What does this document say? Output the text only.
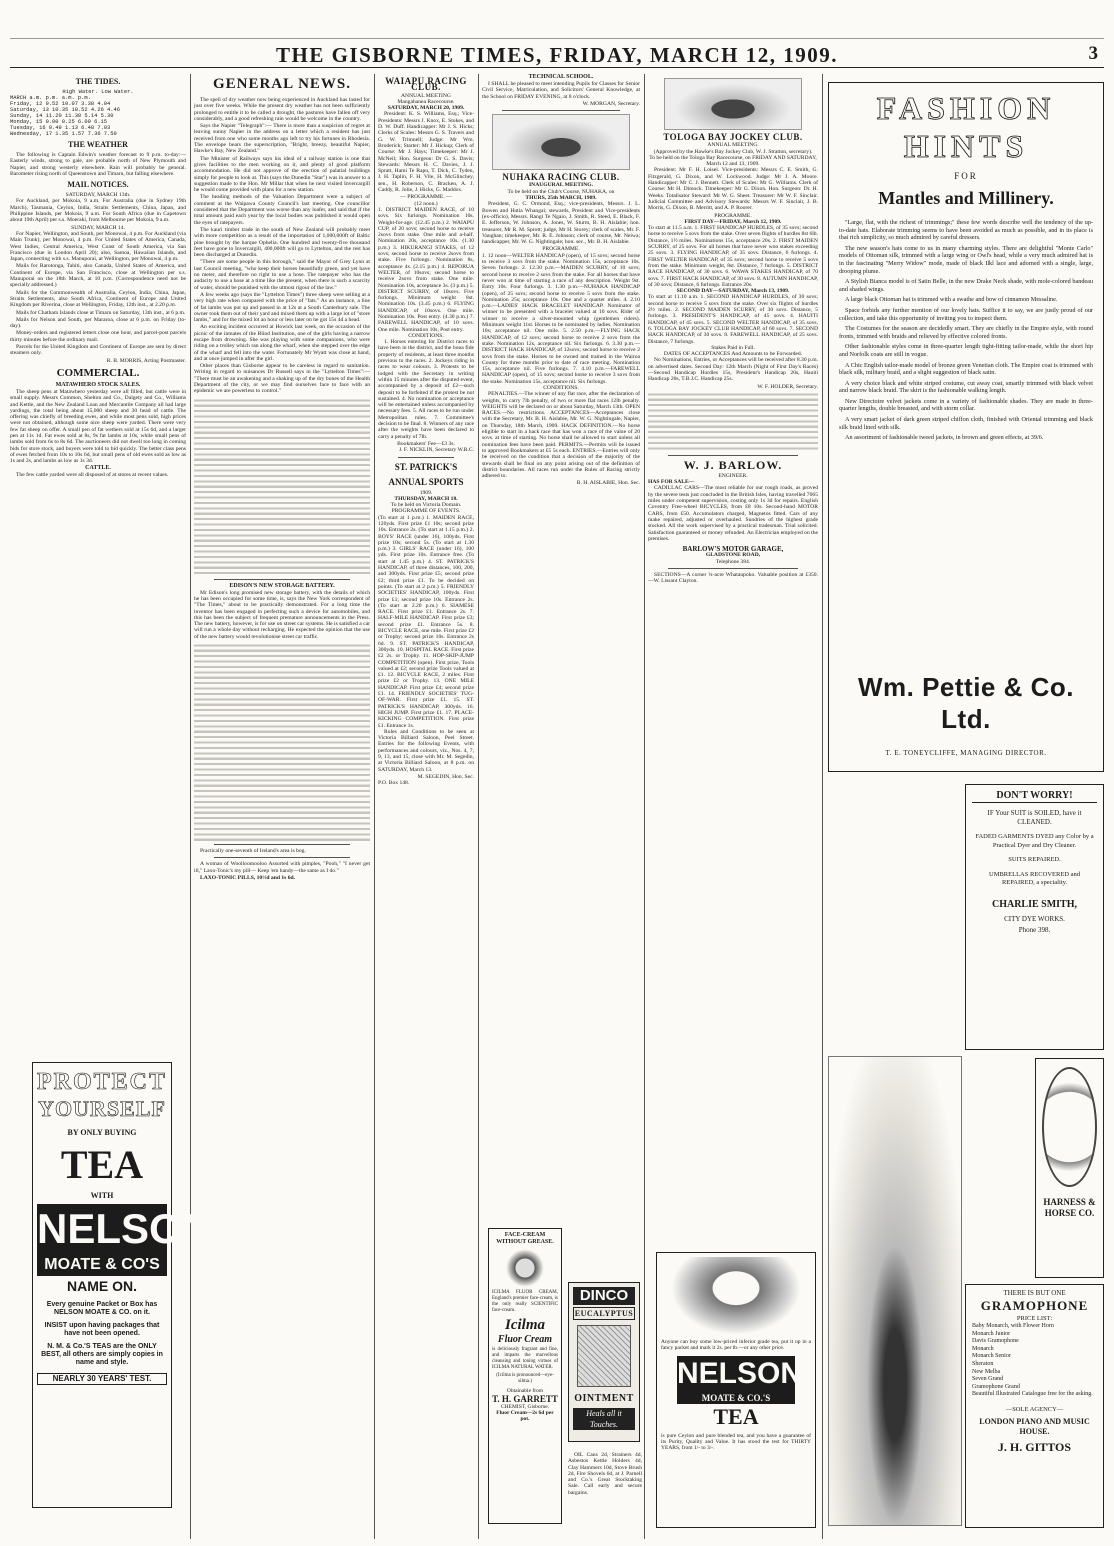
THE GISBORNE TIMES, FRIDAY, MARCH 12, 1909.	3
THE TIDES.
High Water. Low Water.
MARCH a.m. p.m. a.m. p.m.
Friday, 12 9.52 10.07 3.38 4.04
Saturday, 13 10.35 10.52 4.26 4.46
Sunday, 14 11.20 11.30 5.14 5.30
Monday, 15 0.00 0.25 6.00 6.15
Tuesday, 16 0.49 1.13 6.48 7.03
Wednesday, 17 1.35 1.57 7.36 7.50
THE WEATHER
The following is Captain Edwin's weather forecast to 9 p.m. to-day:— Easterly winds, strong to gale, are probable north of New Plymouth and Napier, and strong westerly elsewhere. Rain will probably be general. Barometer rising north of Queenstown and Timaru, but falling elsewhere.
MAIL NOTICES.
SATURDAY, MARCH 13th.
For Auckland, per Mokoia, 9 a.m. For Australia (due in Sydney 19th March), Tasmania, Ceylon, India, Straits Settlements, China, Japan, and Philippine Islands, per Mokoia, 9 a.m. For South Africa (due in Capetown about 19th April) per s.s. Moeraki, from Melbourne per Mokoia, 9 a.m.
SUNDAY, MARCH 14.
For Napier, Wellington, and South, per Monowai, 4 p.m. For Auckland (via Main Trunk), per Monowai, 4 p.m. For United States of America, Canada, West Indies, Central America, West Coast of South America, via San Francisco (due in London April 20); also, Samoa, Hawaiian Islands, and Japan, connecting with s.s. Manuporai, at Wellington, per Monowai, 4 p.m.
Mails for Rarotonga, Tahiti, also Canada, United States of America, and Continent of Europe, via San Francisco, close at Wellington per s.s. Manuporai on the 18th March, at 10 p.m. (Correspondence need not be specially addressed.)
Mails for the Commonwealth of Australia, Ceylon, India, China, Japan, Straits Settlements, also South Africa, Continent of Europe and United Kingdom per Riverina, close at Wellington, Friday, 12th inst., at 2.20 p.m.
Mails for Chatham Islands close at Timaru on Saturday, 13th inst., at 6 p.m.
Mails for Nelson and South, per Mararoa, close at 6 p.m. on Friday (to-day).
Money-orders and registered letters close one hour, and parcel-post parcels thirty minutes before the ordinary mail.
Parcels for the United Kingdom and Continent of Europe are sent by direct steamers only.
R. B. MORRIS, Acting Postmaster.
COMMERCIAL.
MATAWHERO STOCK SALES.
The sheep pens at Matawhero yesterday were all filled, but cattle were in small supply. Messrs Common, Shelton and Co., Dalgety and Co., Williams and Kettle, and the New Zealand Loan and Mercantile Company all had large yardings, the total being about 15,000 sheep and 30 head of cattle. The offering was chiefly of breeding ewes, and while most pens sold, high prices were not obtained, although some nice sheep were yarded. There were very few fat sheep on offer. A small pen of fat wethers sold at 15s 6d, and a larger pen at 11s 1d. Fat ewes sold at 8s, 9s fat lambs at 10s, while small pens of lambs sold from 6s to 8s 6d. The auctioneers did not dwell too long in coming bids for store stock, and buyers were told to bid quickly. The better class pens of ewes fetched from 10s to 10s 6d, but small pens of old ewes sold as low as 1s and 2s, and lambs as low as 1s 3d.
CATTLE.
The few cattle yarded were all disposed of at stores at recent values.
PROTECT
YOURSELF
BY ONLY BUYING
TEA
WITH
NELSON
MOATE & CO'S
NAME ON.
Every genuine Packet or Box has NELSON MOATE & CO. on it.
INSIST upon having packages that have not been opened.
N. M. & Co.'S TEAS are the ONLY BEST, all others are simply copies in name and style.
NEARLY 30 YEARS' TEST.
GENERAL NEWS.
The spell of dry weather now being experienced in Auckland has lasted for just over five weeks. While the present dry weather has not been sufficiently prolonged to entitle it to be called a drought, the pastures have fallen off very considerably, and a good refreshing rain would be welcome in the country.
Says the Napier "Telegraph":— There is more than a suspicion of regret at leaving sunny Napier in the address on a letter which a resident has just received from one who some months ago left to try his fortunes in Rhodesia. The envelope bears the superscription, "Bright, breezy, beautiful Napier, Hawke's Bay, New Zealand."
The Minister of Railways says his ideal of a railway station is one that gives facilities to the men working on it, and plenty of good platform accommodation. He did not approve of the erection of palatial buildings simply for people to look at. This (says the Dunedin "Star") was in answer to a suggestion made to the Hon. Mr Millar that when he next visited Invercargill he would come provided with plans for a new station.
The heading methods of the Valuation Department were a subject of comment at the Waipawa County Council's last meeting. One councillor considered that the Department was worse than any loafer, and said that if the total amount paid each year by the local bodies was published it would open the eyes of ratepayers.
The kauri timber trade in the south of New Zealand will probably meet with more competition as a result of the importation of 1,000,000ft of Baltic pine brought by the barque Ophelia. One hundred and twenty-five thousand feet have gone to Invercargill, 400,000ft will go to Lyttelton, and the rest has been discharged at Dunedin.
"There are some people in this borough," said the Mayor of Grey Lynn at last Council meeting, "who keep their horses beautifully green, and yet have no meter, and therefore no right to use a hose. The ratepayer who has the audacity to use a hose at a time like the present, when there is such a scarcity of water, should be punished with the utmost rigour of the law."
A few weeks ago (says the "Lyttelton Times") three sheep were selling at a very high rate when compared with the price of "fats." As an instance, a line of fat lambs was put up and passed in at 12s at a South Canterbury sale. The owner took them out of their yard and mixed them up with a large lot of "store lambs," and for the mixed lot an hour or less later on he got 15s 4d a head.
An exciting incident occurred at Howick last week, on the occasion of the picnic of the inmates of the Blind Institution, one of the girls having a narrow escape from drowning. She was playing with some companions, who were riding on a trolley which ran along the wharf, when she stepped over the edge of the wharf and fell into the water. Fortunately Mr Wyatt was close at hand, and at once jumped in after the girl.
Other places than Gisborne appear to be careless in regard to sanitation. Writing in regard to nuisances Dr Russell says in the "Lyttelton Times":— "There must be an awakening and a shaking up of the dry bones of the Health Department of the city, or we may find ourselves face to face with an epidemic we are powerless to control."
EDISON'S NEW STORAGE BATTERY.
Mr Edison's long promised new storage battery, with the details of which he has been occupied for some time, is, says the New York correspondent of "The Times," about to be practically demonstrated. For a long time the inventor has been engaged in perfecting such a device for automobiles, and this has been the subject of frequent premature announcements in the Press. The new battery, however, is for use on street car systems. He is satisfied a car will run a whole day without recharging. He expected the opinion that the use of the new battery would revolutionise street car traffic.
Practically one-seventh of Ireland's area is bog.
A woman of Woolloomooloo Assorted with pimples, "Pooh," "I never get ill," Laxo-Tonic's my pill— Keep 'em handy—the same as I do."
LAXO-TONIC PILLS, 10½d and 1s 6d.
WAIAPU RACING CLUB.
ANNUAL MEETING
Mangahanea Racecourse.
SATURDAY, MARCH 20, 1909.
President: K. S. Williams, Esq.; Vice-Presidents: Messrs J. Knox, E. Stokes, and D. W. Duff. Handicapper: Mr J. S. Hicks; Clerks of Scales: Messrs G. S. Travers and G. W. Trimnell; Judge: Mr Wm. Broderick; Starter: Mr J. Hickup; Clerk of Course: Mr J. Hays; Timekeeper: Mr J. McNeil; Hon. Surgeon: Dr G. S. Davis; Stewards: Messrs H. C. Davies, J. J. Spratt, Hami Te Rapu, T. Dick, C. Tyden, J. H. Taplin, F. H. Vile, H. McGlinchey, sen., H. Roberson, C. Bracken, A. J. Caddy, R. Jolie, J. Hicks, G. Maddox.
— PROGRAMME. —
(12 noon.)
1. DISTRICT MAIDEN RACE, of 10 sovs. Six furlongs. Nomination 10s. Weight-for-age. (12.45 p.m.) 2. WAIAPU CUP, of 20 sovs; second horse to receive 2sovs from stake. One mile and a-half. Nomination 20s, acceptance 10s. (1.30 p.m.) 3. HIKURANGI STAKES, of 12 sovs; second horse to receive 2sovs from stake. Five furlongs. Nomination 8s, acceptance 4s. (2.15 p.m.) 4. REPORUA WELTER, of 10sovs; second horse to receive 2sovs from stake. One mile. Nomination 10s, acceptance 3s. (3 p.m.) 5. DISTRICT SCURRY, of 10sovs. Five furlongs. Minimum weight 8st. Nomination 10s. (3.45 p.m.) 6. FLYING HANDICAP, of 10sovs. One mile. Nomination 10s. Post entry. (4.30 p.m.) 7. FAREWELL HANDICAP, of 10 sovs. One mile. Nomination 10s, Post entry.
CONDITIONS.
1. Horses entering for District races to have been in the district, and the bona fide property of residents, at least three months previous to the races. 2. Jockeys riding in races to wear colours. 3. Protests to be lodged with the Secretary in writing within 15 minutes after the disputed event, accompanied by a deposit of £2—such deposit to be forfeited if the protest be not sustained. 4. No nomination or acceptance will be entertained unless accompanied by necessary fees. 5. All races to be run under Metropolitan rules. 7. Committee's decision to be final. 8. Winners of any race after the weights have been declared to carry a penalty of 7lb.
Bookmakers' Fee—£3 3s.
J. F. NICKLIN, Secretary W.R.C.
ST. PATRICK'S
ANNUAL SPORTS
1909.
THURSDAY, MARCH 18.
To be held on Victoria Domain.
PROGRAMME OF EVENTS.
(To start at 1 p.m.) 1. MAIDEN RACE, 120yds. First prize £1 10s; second prize 10s. Entrance 2s. (To start at 1.15 p.m.) 2. BOYS' RACE (under 16), 100yds. First prize 10s; second 5s. (To start at 1.30 p.m.) 3. GIRLS' RACE (under 16), 100 yds. First prize 10s. Entrance free. (To start at 1.45 p.m.) 4. ST. PATRICK'S HANDICAP, of three distances, 100, 200, and 300yds. First prize £5; second prize £2; third prize £1. To be decided on points. (To start at 2 p.m.) 5. FRIENDLY SOCIETIES' HANDICAP, 100yds. First prize £1; second prize 10s. Entrance 2s. (To start at 2.20 p.m.) 6. SIAMESE RACE. First prize £1. Entrance 2s. 7. HALF-MILE HANDICAP. First prize £3; second prize £1. Entrance 5s. 8. BICYCLE RACE, one mile. First prize £2 or Trophy; second prize 10s. Entrance 2s 6d. 9. ST. PATRICK'S HANDICAP, 300yds. 10. HOSPITAL RACE. First prize £2 2s. or Trophy. 11. HOP-SKIP-JUMP COMPETITION (open). First prize, Tools valued at £2; second prize Tools valued at £1. 12. BICYCLE RACE, 2 miles. First prize £2 or Trophy. 13. ONE MILE HANDICAP. First prize £4; second prize £1. 14. FRIENDLY SOCIETIES' TUG-OF-WAR. First prize £1. 15. ST. PATRICK'S HANDICAP, 300yds. 16. HIGH JUMP. First prize £1. 17. PLACE-KICKING COMPETITION. First prize £1. Entrance 1s.
Rules and Conditions to be seen at Victoria Billiard Saloon, Peel Street. Entries for the following Events, with performances and colours, viz., Nos. 4, 7, 9, 13, and 15, close with Mr. M. Segedin, at Victoria Billiard Saloon, at 8 p.m. on SATURDAY, March 13.
M. SEGEDIN, Hon. Sec.
P.O. Box 148.
TECHNICAL SCHOOL.
I SHALL be pleased to meet intending Pupils for Classes for Senior Civil Service, Matriculation, and Solicitors' General Knowledge, at the School on FRIDAY EVENING, at 8 o'clock.
W. MORGAN, Secretary.
NUHAKA RACING CLUB.
INAUGURAL MEETING.
To be held on the Club's Course, NUHAKA, on
THURS, 25th MARCH, 1909.
President, G. C. Ormond, Esq.; vice-presidents, Messrs. J. L. Bowen and Hutia Whangai; stewards, President and Vice-presidents (ex-officio), Messrs. Rangi Te Ngaio, J. Smith, R. Steed, E. Black, F. E. Jefferson, W. Johnson, A. Jones, W. Sturm, B. H. Aislabie; hon. treasurer, Mr R. M. Sprott; judge, Mr H. Storey; clerk of scales, Mr. F. Vaughan; timekeeper, Mr. R. E. Johnson; clerk of course, Mr. Neiwa; handicapper, Mr. W. G. Nightingale; hon. sec., Mr. B. H. Aislabie.
PROGRAMME.
1. 12 noon—WELTER HANDICAP (open), of 15 sovs; second horse to receive 3 sovs from the stake. Nomination 15s, acceptance 10s. Seven furlongs. 2. 12.30 p.m.—MAIDEN SCURRY, of 10 sovs; second horse to receive 2 sovs from the stake. For all horses that have never won at time of starting a race of any description. Weight 9st. Entry 10s. Four furlongs. 3. 1.30 p.m.—NUHAKA HANDICAP (open), of 25 sovs; second horse to receive 5 sovs from the stake. Nomination 25s; acceptance 10s. One and a quarter miles. 4. 2.10 p.m.—LADIES' HACK BRACELET HANDICAP. Nominator of winner to be presented with a bracelet valued at 10 sovs. Rider of winner to receive a silver-mounted whip (gentlemen riders). Minimum weight 11st. Horses to be nominated by ladies. Nomination 10s; acceptance nil. One mile. 5. 2.50 p.m.—FLYING HACK HANDICAP, of 12 sovs; second horse to receive 2 sovs from the stake. Nomination 12s, acceptance nil. Six furlongs. 6. 3.30 p.m.—DISTRICT HACK HANDICAP, of 12sovs; second horse to receive 2 sovs from the stake. Horses to be owned and trained in the Wairoa County for three months prior to date of race meeting. Nomination 15s, acceptance nil. Five furlongs. 7. 4.10 p.m.—FAREWELL HANDICAP (open), of 15 sovs; second horse to receive 3 sovs from the stake. Nomination 15s, acceptance nil. Six furlongs.
CONDITIONS.
PENALTIES.—The winner of any flat race, after the declaration of weights, to carry 7lb penalty, of two or more flat races 12lb penalty. WEIGHTS will be declared on or about Saturday, March 13th. OPEN RACES.—No restrictions. ACCEPTANCES—Acceptances close with the Secretary, Mr. B. H. Aislabie, Mr. W. G. Nightingale, Napier, on Thursday, 18th March, 1909. HACK DEFINITION.—No horse eligible to start in a hack race that has won a race of the value of 20 sovs. at time of starting. No horse shall be allowed to start unless all nomination fees have been paid. PERMITS.—Permits will be issued to approved Bookmakers at £5 5s each. ENTRIES.—Entries will only be received on the condition that a decision of the majority of the stewards shall be final on any point arising out of the definition of district boundaries. All races run under the Rules of Racing strictly adhered to.
B. H. AISLABIE, Hon. Sec.
FACE-CREAM WITHOUT GREASE.
ICILMA FLUOR CREAM, England's premier face-cream, is the only really SCIENTIFIC face-cream.
Icilma
Fluor Cream
is deliciously fragrant and fine, and imparts the marvellous cleansing and toning virtues of ICILMA NATURAL WATER.
(Icilma is pronounced—eye-silma.)
Obtainable from
T. H. GARRETT
CHEMIST, Gisborne.
Fluor Cream—2s 6d per pot.
DINCO
EUCALYPTUS
OINTMENT
Heals all it Touches.
OIL Cans 2d, Strainers 4d, Asbestos Kettle Holders 4d, Clay Hammers 10d, Stove Brush 2d, Fire Shovels 6d, at J. Parnell and Co.'s Great Stocktaking Sale. Call early and secure bargains.
TOLOGA BAY JOCKEY CLUB.
ANNUAL MEETING.
(Approved by the Hawke's Bay Jockey Club, W. J. Stratton, secretary).
To be held on the Tologa Bay Racecourse, on FRIDAY AND SATURDAY, March 12 and 13, 1909.
President: Mr F. H. Loisel. Vice-presidents: Messrs C. E. Smith, G. Fitzgerald, G. Dixon, and W. Lockwood. Judge: Mr J. A. Moore. Handicapper: Mr C. J. Bennett. Clerk of Scales: Mr G. Williams. Clerk of Course: Mr H. Dimock. Timekeeper: Mr G. Dixon. Hon. Surgeon: Dr. H. Weeks. Totalisator Steward: Mr W. G. Sheet. Treasurer: Mr W. F. Sinclair. Judicial Committee and Advisory Stewards: Messrs W. F. Sinclair, J. B. Morris, G. Dixon, B. Merritt, and A. P. Roorer.
PROGRAMME.
FIRST DAY—FRIDAY, March 12, 1909.
To start at 11.5 a.m. 1. FIRST HANDICAP HURDLES, of 35 sovs; second horse to receive 5 sovs from the stake. Over seven flights of hurdles 8st 6lb. Distance, 1½ miles. Nominations 15s, acceptance 20s. 2. FIRST MAIDEN SCURRY, of 25 sovs. For all horses that have never won stakes exceeding 25 sovs. 3. FLYING HANDICAP, of 35 sovs. Distance, 6 furlongs. 4. FIRST WELTER HANDICAP, of 35 sovs; second horse to receive 5 sovs from the stake. Minimum weight, 8st. Distance, 7 furlongs. 5. DISTRICT RACE HANDICAP, of 30 sovs. 6. WAWA STAKES HANDICAP, of 70 sovs. 7. FIRST HACK HANDICAP, of 30 sovs. 8. AUTUMN HANDICAP, of 30 sovs; Distance, 6 furlongs. Entrance 20s.
SECOND DAY—SATURDAY, March 13, 1909.
To start at 11.10 a.m. 1. SECOND HANDICAP HURDLES, of 30 sovs; second horse to receive 5 sovs from the stake. Over six flights of hurdles 2½ miles. 2. SECOND MAIDEN SCURRY, of 30 sovs. Distance, 5 furlongs. 3. PRESIDENT'S HANDICAP, of 45 sovs. 4. HAUITI HANDICAP, of 45 sovs. 5. SECOND WELTER HANDICAP, of 35 sovs. 6. TOLOGA BAY JOCKEY CLUB HANDICAP, of 60 sovs. 7. SECOND HACK HANDICAP, of 30 sovs. 8. FAREWELL HANDICAP, of 25 sovs. Distance, 7 furlongs.
Stakes Paid in Full.
DATES OF ACCEPTANCES And Amounts to be Forwarded.
No Nominations, Entries, or Acceptances will be received after 8.30 p.m. on advertised dates. Second Day: 12th March (Night of First Day's Races)—Second Handicap Hurdles 15s, President's Handicap 20s, Hauiti Handicap 20s, T.B.J.C. Handicap 25s.
W. F. HOLDER, Secretary.
W. J. BARLOW.
ENGINEER.
HAS FOR SALE—
CADILLAC CARS—The most reliable for our rough roads, as proved by the severe tests just concluded in the British Isles, having travelled 7065 miles under competent supervision, costing only 1s 3d for repairs. English Coventry Free-wheel BICYCLES, from £8 10s. Second-hand MOTOR CARS, from £50. Accumulators charged, Magnetos fitted. Cars of any make repaired, adjusted or overhauled. Sundries of the highest grade stocked. All the work supervised by a practical tradesman. Trial solicited. Satisfaction guaranteed or money refunded. An Electrician employed on the premises.
BARLOW'S MOTOR GARAGE,
GLADSTONE ROAD,
Telephone 384.
SECTIONS—A corner ¼-acre Whataupoko. Valuable position at £350.—W. Lissant Clayton.
Anyone can buy some low-priced inferior grade tea, put it up in a fancy packet and mark it 2s. per lb.—or any other price.
NELSON
MOATE & CO.'S
TEA
is pure Ceylon and pure blended tea, and you have a guarantee of its Purity, Quality and Value. It has stood the test for THIRTY YEARS, from 1/- to 3/-.
FASHION
HINTS
FOR
Mantles and Millinery.
"Large, flat, with the richest of trimmings;" these few words describe well the tendency of the up-to-date hats. Elaborate trimming seems to have been avoided as much as possible, and in its place is that rich simplicity, so much admired by careful dressers.
The new season's hats come to us in many charming styles. There are delightful "Monte Carlo" models of Ottoman silk, trimmed with a large wing or Owl's head, while a very much admired hat is in the fascinating "Merry Widow" mode, made of black Ilkl lace and adorned with a single, large, drooping plume.
A Stylish Bianca model is of Satin Belle, in the new Drake Neck shade, with mole-colored bandeau and shaded wings.
A large black Ottoman hat is trimmed with a swathe and bow of cinnamon Messaline.
Space forbids any further mention of our lovely hats. Suffice it to say, we are justly proud of our collection, and take this opportunity of inviting you to inspect them.
The Costumes for the season are decidedly smart. They are chiefly in the Empire style, with round fronts, trimmed with braids and relieved by effective colored fronts.
Other fashionable styles come in three-quarter length tight-fitting tailor-made, while the short hip and Norfolk coats are still in vogue.
A Chic English tailor-made model of bronze green Venetian cloth. The Empire coat is trimmed with black silk, military braid, and a slight suggestion of black satin.
A very choice black and white striped costume, cut away coat, smartly trimmed with black velvet and narrow black braid. The skirt is the fashionable walking length.
New Directoire velvet jackets come in a variety of fashionable shades. They are made in three-quarter lengths, double breasted, and with storm collar.
A very smart jacket of dark green striped chiffon cloth, finished with Oriental trimming and black silk braid lined with silk.
An assortment of fashionable tweed jackets, in brown and green effects, at 39/6.
Wm. Pettie & Co. Ltd.
T. E. TONEYCLIFFE, MANAGING DIRECTOR.
DON'T WORRY!
IF Your SUIT is SOILED, have it CLEANED.
FADED GARMENTS DYED any Color by a Practical Dyer and Dry Cleaner.
SUITS REPAIRED.
UMBRELLAS RECOVERED and REPAIRED, a speciality.
CHARLIE SMITH,
CITY DYE WORKS.
Phone 398.
HARNESS & HORSE CO.
THERE IS BUT ONE
GRAMOPHONE
PRICE LIST:
Baby Monarch, with Flower Horn
Monarch Junior
Davis Gramophone
Monarch
Monarch Senior
Sheraton
New Melba
Seven Grand
Gramophone Grand
Beautiful Illustrated Catalogue free for the asking.
—SOLE AGENCY—
LONDON PIANO AND MUSIC HOUSE.
J. H. GITTOS
